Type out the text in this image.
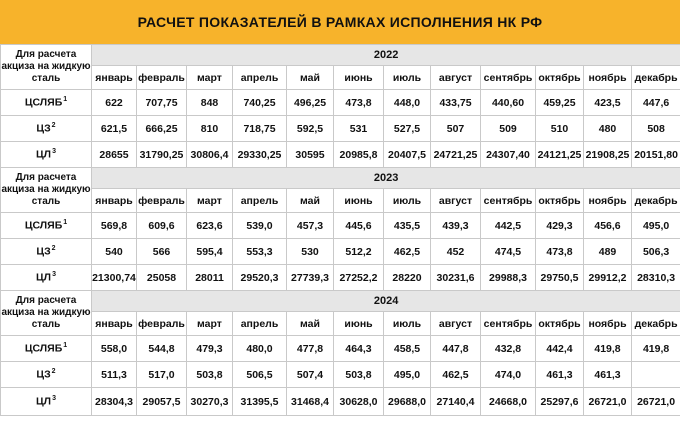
РАСЧЕТ ПОКАЗАТЕЛЕЙ В РАМКАХ ИСПОЛНЕНИЯ НК РФ
Для расчета акциза на жидкую сталь	2022											
	январь	февраль	март	апрель	май	июнь	июль	август	сентябрь	октябрь	ноябрь	декабрь
ЦСЛЯБ$^1$	622	707,75	848	740,25	496,25	473,8	448,0	433,75	440,60	459,25	423,5	447,6
$ЦЗ^2$	621,5	666,25	810	718,75	592,5	531	527,5	507	509	510	480	508
$ЦЛ^3$	28655	31790,25	30806,4	29330,25	30595	20985,8	20407,5	24721,25	24307,40	24121,25	21908,25	20151,80
Для расчета акциза на жидкую сталь	2023											
	январь	февраль	март	апрель	май	июнь	июль	август	сентябрь	октябрь	ноябрь	декабрь
ЦСЛЯБ$^1$	569,8	609,6	623,6	539,0	457,3	445,6	435,5	439,3	442,5	429,3	456,6	495,0
$ЦЗ^2$	540	566	595,4	553,3	530	512,2	462,5	452	474,5	473,8	489	506,3
$ЦЛ^3$	21300,74	25058	28011	29520,3	27739,3	27252,2	28220	30231,6	29988,3	29750,5	29912,2	28310,3
Для расчета акциза на жидкую сталь	2024											
	январь	февраль	март	апрель	май	июнь	июль	август	сентябрь	октябрь	ноябрь	декабрь
ЦСЛЯБ$^1$	558,0	544,8	479,3	480,0	477,8	464,3	458,5	447,8	432,8	442,4	419,8	419,8
$ЦЗ^2$	511,3	517,0	503,8	506,5	507,4	503,8	495,0	462,5	474,0	461,3	461,3	
$ЦЛ^3$	28304,3	29057,5	30270,3	31395,5	31468,4	30628,0	29688,0	27140,4	24668,0	25297,6	26721,0	26721,0
